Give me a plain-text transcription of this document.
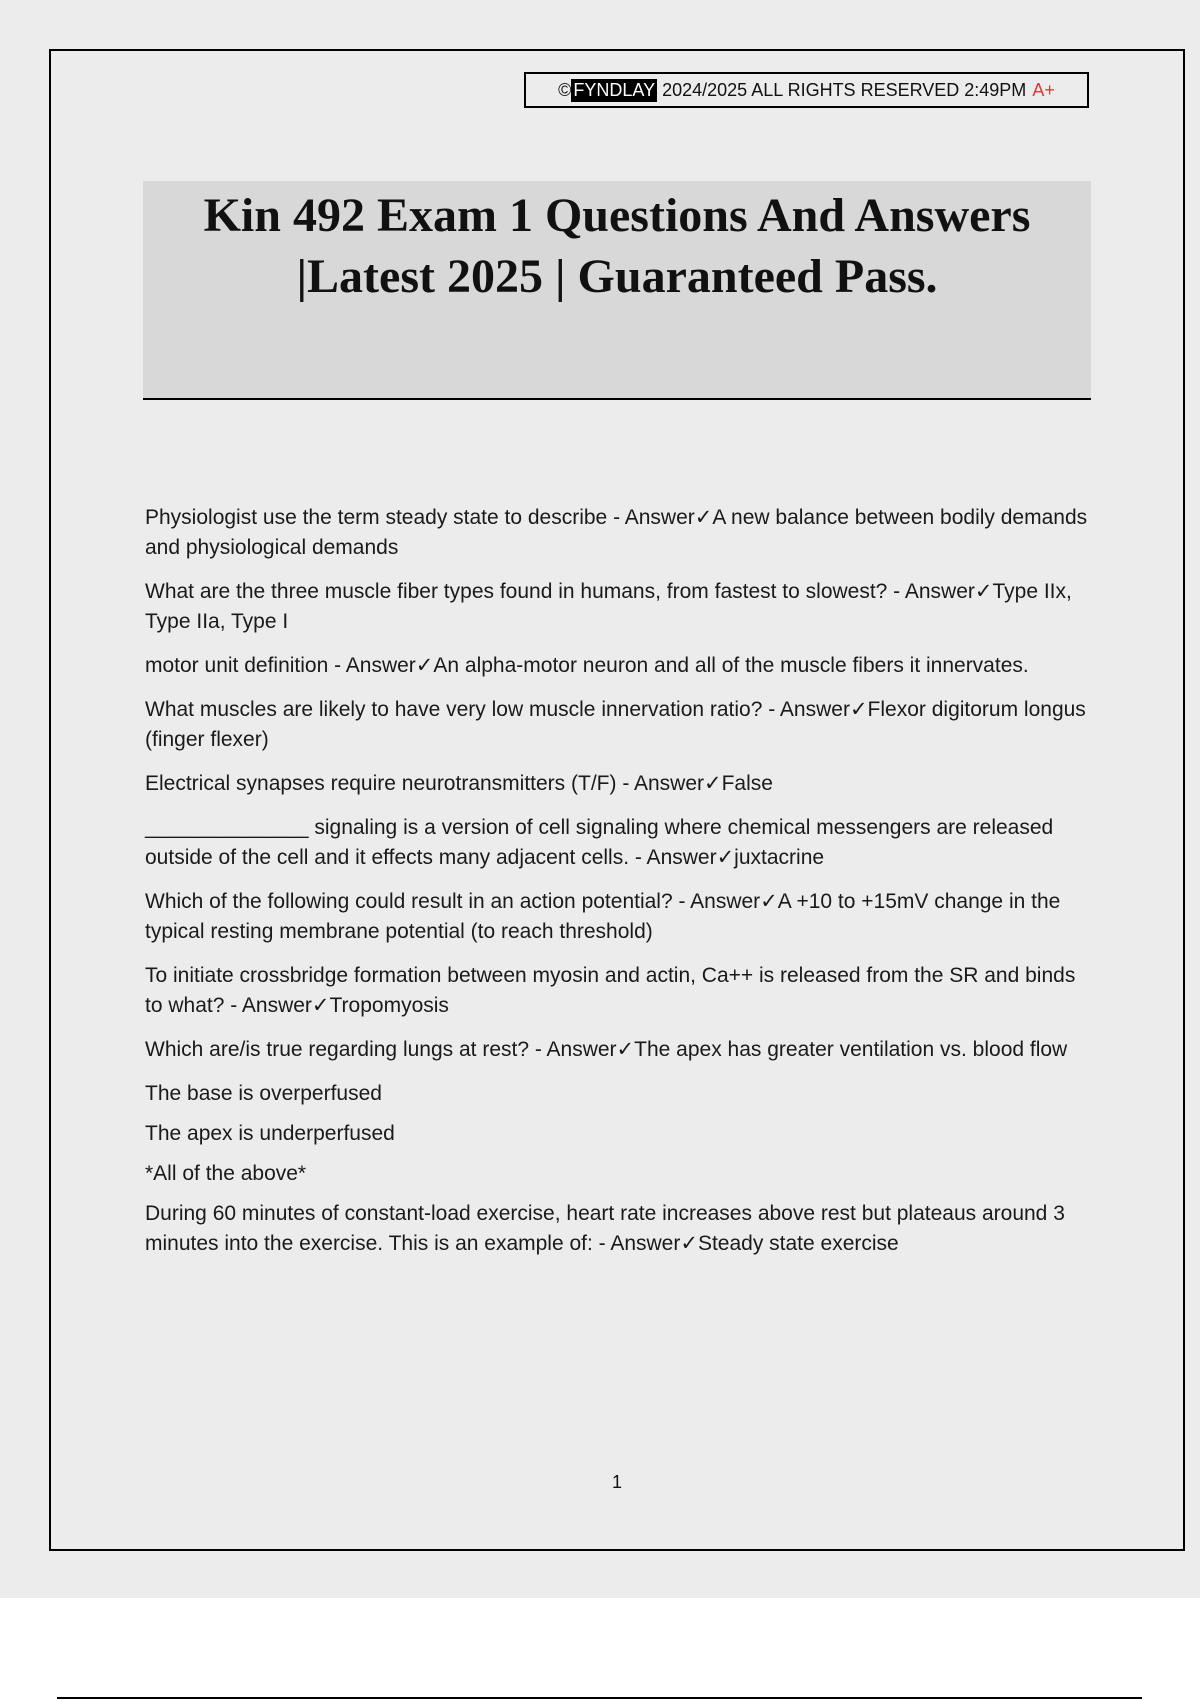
© FYNDLAY
2024/2025 ALL RIGHTS RESERVED 2:49PM A+
Kin 492 Exam 1 Questions And Answers
|Latest 2025 | Guaranteed Pass.

Physiologist use the term steady state to describe - Answer✓A new balance between bodily demands and physiological demands

What are the three muscle fiber types found in humans, from fastest to slowest? - Answer✓Type IIx, Type IIa, Type I

motor unit definition - Answer✓An alpha-motor neuron and all of the muscle fibers it innervates.

What muscles are likely to have very low muscle innervation ratio? - Answer✓Flexor digitorum longus (finger flexer)

Electrical synapses require neurotransmitters (T/F) - Answer✓False

______________ signaling is a version of cell signaling where chemical messengers are released outside of the cell and it effects many adjacent cells. - Answer✓juxtacrine

Which of the following could result in an action potential? - Answer✓A +10 to +15mV change in the typical resting membrane potential (to reach threshold)

To initiate crossbridge formation between myosin and actin, Ca++ is released from the SR and binds to what? - Answer✓Tropomyosis

Which are/is true regarding lungs at rest? - Answer✓The apex has greater ventilation vs. blood flow

The base is overperfused

The apex is underperfused

*All of the above*

During 60 minutes of constant-load exercise, heart rate increases above rest but plateaus around 3 minutes into the exercise. This is an example of: - Answer✓Steady state exercise

1
